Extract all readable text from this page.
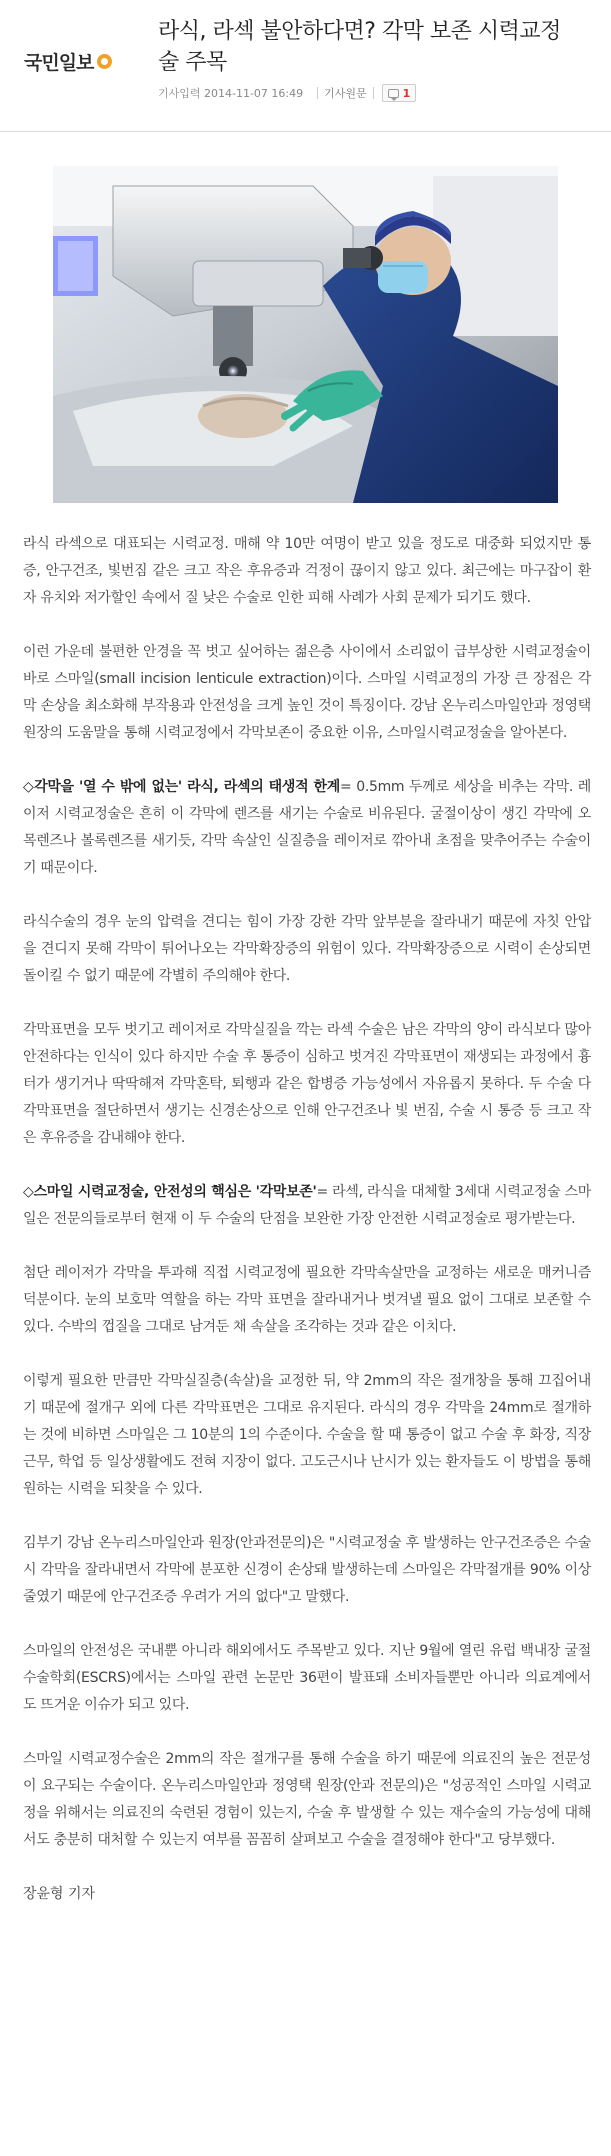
국민일보
라식, 라섹 불안하다면? 각막 보존 시력교정술 주목
기사입력 2014-11-07 16:49 기사원문	1

라식 라섹으로 대표되는 시력교정. 매해 약 10만 여명이 받고 있을 정도로 대중화 되었지만 통증, 안구건조, 빛번짐 같은 크고 작은 후유증과 걱정이 끊이지 않고 있다. 최근에는 마구잡이 환자 유치와 저가할인 속에서 질 낮은 수술로 인한 피해 사례가 사회 문제가 되기도 했다.

이런 가운데 불편한 안경을 꼭 벗고 싶어하는 젊은층 사이에서 소리없이 급부상한 시력교정술이 바로 스마일(small incision lenticule extraction)이다. 스마일 시력교정의 가장 큰 장점은 각막 손상을 최소화해 부작용과 안전성을 크게 높인 것이 특징이다. 강남 온누리스마일안과 정영택 원장의 도움말을 통해 시력교정에서 각막보존이 중요한 이유, 스마일시력교정술을 알아본다.

◇각막을 '열 수 밖에 없는' 라식, 라섹의 태생적 한계= 0.5mm 두께로 세상을 비추는 각막. 레이저 시력교정술은 흔히 이 각막에 렌즈를 새기는 수술로 비유된다. 굴절이상이 생긴 각막에 오목렌즈나 볼록렌즈를 새기듯, 각막 속살인 실질층을 레이저로 깎아내 초점을 맞추어주는 수술이기 때문이다.

라식수술의 경우 눈의 압력을 견디는 힘이 가장 강한 각막 앞부분을 잘라내기 때문에 자칫 안압을 견디지 못해 각막이 튀어나오는 각막확장증의 위험이 있다. 각막확장증으로 시력이 손상되면 돌이킬 수 없기 때문에 각별히 주의해야 한다.

각막표면을 모두 벗기고 레이저로 각막실질을 깍는 라섹 수술은 남은 각막의 양이 라식보다 많아 안전하다는 인식이 있다 하지만 수술 후 통증이 심하고 벗겨진 각막표면이 재생되는 과정에서 흉터가 생기거나 딱딱해져 각막혼탁, 퇴행과 같은 합병증 가능성에서 자유롭지 못하다. 두 수술 다 각막표면을 절단하면서 생기는 신경손상으로 인해 안구건조나 빛 번짐, 수술 시 통증 등 크고 작은 후유증을 감내해야 한다.

◇스마일 시력교정술, 안전성의 핵심은 '각막보존'= 라섹, 라식을 대체할 3세대 시력교정술 스마일은 전문의들로부터 현재 이 두 수술의 단점을 보완한 가장 안전한 시력교정술로 평가받는다.

첨단 레이저가 각막을 투과해 직접 시력교정에 필요한 각막속살만을 교정하는 새로운 매커니즘 덕분이다. 눈의 보호막 역할을 하는 각막 표면을 잘라내거나 벗겨낼 필요 없이 그대로 보존할 수 있다. 수박의 껍질을 그대로 남겨둔 채 속살을 조각하는 것과 같은 이치다.

이렇게 필요한 만큼만 각막실질층(속살)을 교정한 뒤, 약 2mm의 작은 절개창을 통해 끄집어내기 때문에 절개구 외에 다른 각막표면은 그대로 유지된다. 라식의 경우 각막을 24mm로 절개하는 것에 비하면 스마일은 그 10분의 1의 수준이다. 수술을 할 때 통증이 없고 수술 후 화장, 직장근무, 학업 등 일상생활에도 전혀 지장이 없다. 고도근시나 난시가 있는 환자들도 이 방법을 통해 원하는 시력을 되찾을 수 있다.

김부기 강남 온누리스마일안과 원장(안과전문의)은 "시력교정술 후 발생하는 안구건조증은 수술시 각막을 잘라내면서 각막에 분포한 신경이 손상돼 발생하는데 스마일은 각막절개를 90% 이상 줄였기 때문에 안구건조증 우려가 거의 없다"고 말했다.

스마일의 안전성은 국내뿐 아니라 해외에서도 주목받고 있다. 지난 9월에 열린 유럽 백내장 굴절수술학회(ESCRS)에서는 스마일 관련 논문만 36편이 발표돼 소비자들뿐만 아니라 의료계에서도 뜨거운 이슈가 되고 있다.

스마일 시력교정수술은 2mm의 작은 절개구를 통해 수술을 하기 때문에 의료진의 높은 전문성이 요구되는 수술이다. 온누리스마일안과 정영택 원장(안과 전문의)은 "성공적인 스마일 시력교정을 위해서는 의료진의 숙련된 경험이 있는지, 수술 후 발생할 수 있는 재수술의 가능성에 대해서도 충분히 대처할 수 있는지 여부를 꼼꼼히 살펴보고 수술을 결정해야 한다"고 당부했다.

장윤형 기자
